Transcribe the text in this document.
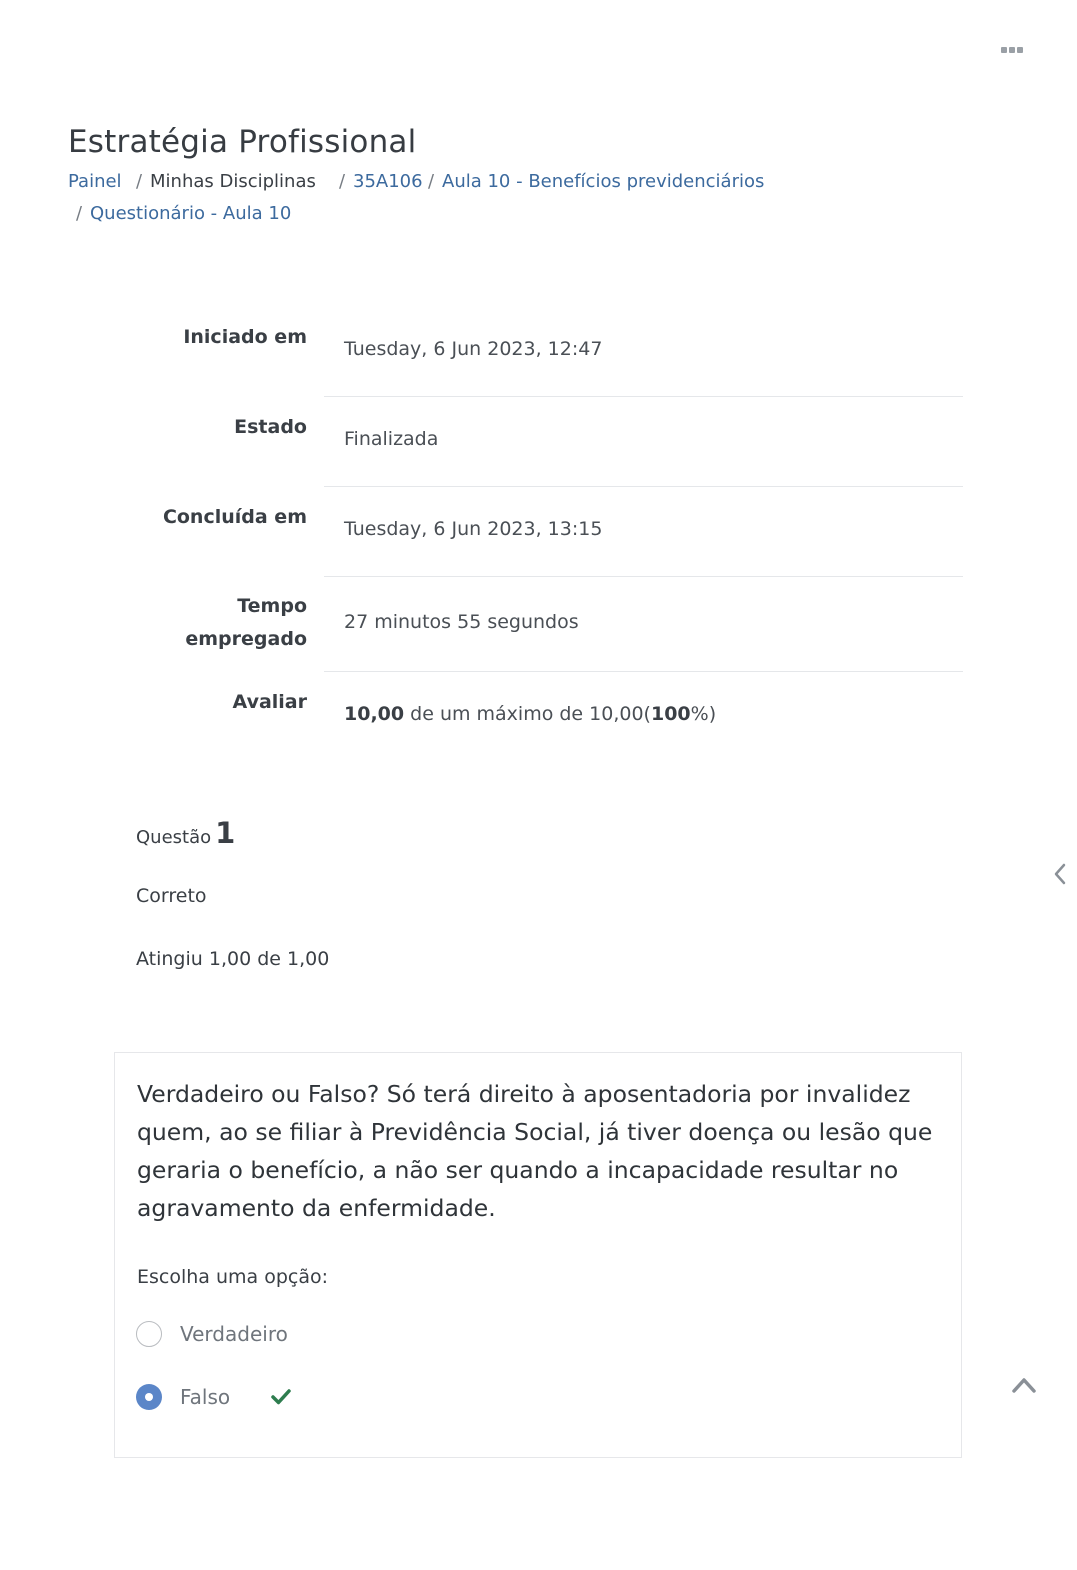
Estratégia Profissional
Painel / Minhas Disciplinas / 35A106 / Aula 10 - Benefícios previdenciários
/ Questionário - Aula 10
Iniciado em
Tuesday, 6 Jun 2023, 12:47
Estado
Finalizada
Concluída em
Tuesday, 6 Jun 2023, 13:15
Tempo
empregado
27 minutos 55 segundos
Avaliar
10,00 de um máximo de 10,00(100%)
Questão 1
Correto
Atingiu 1,00 de 1,00

Verdadeiro ou Falso? Só terá direito à aposentadoria por invalidez quem, ao se filiar à Previdência Social, já tiver doença ou lesão que geraria o benefício, a não ser quando a incapacidade resultar no agravamento da enfermidade.

Escolha uma opção:
Verdadeiro
Falso
